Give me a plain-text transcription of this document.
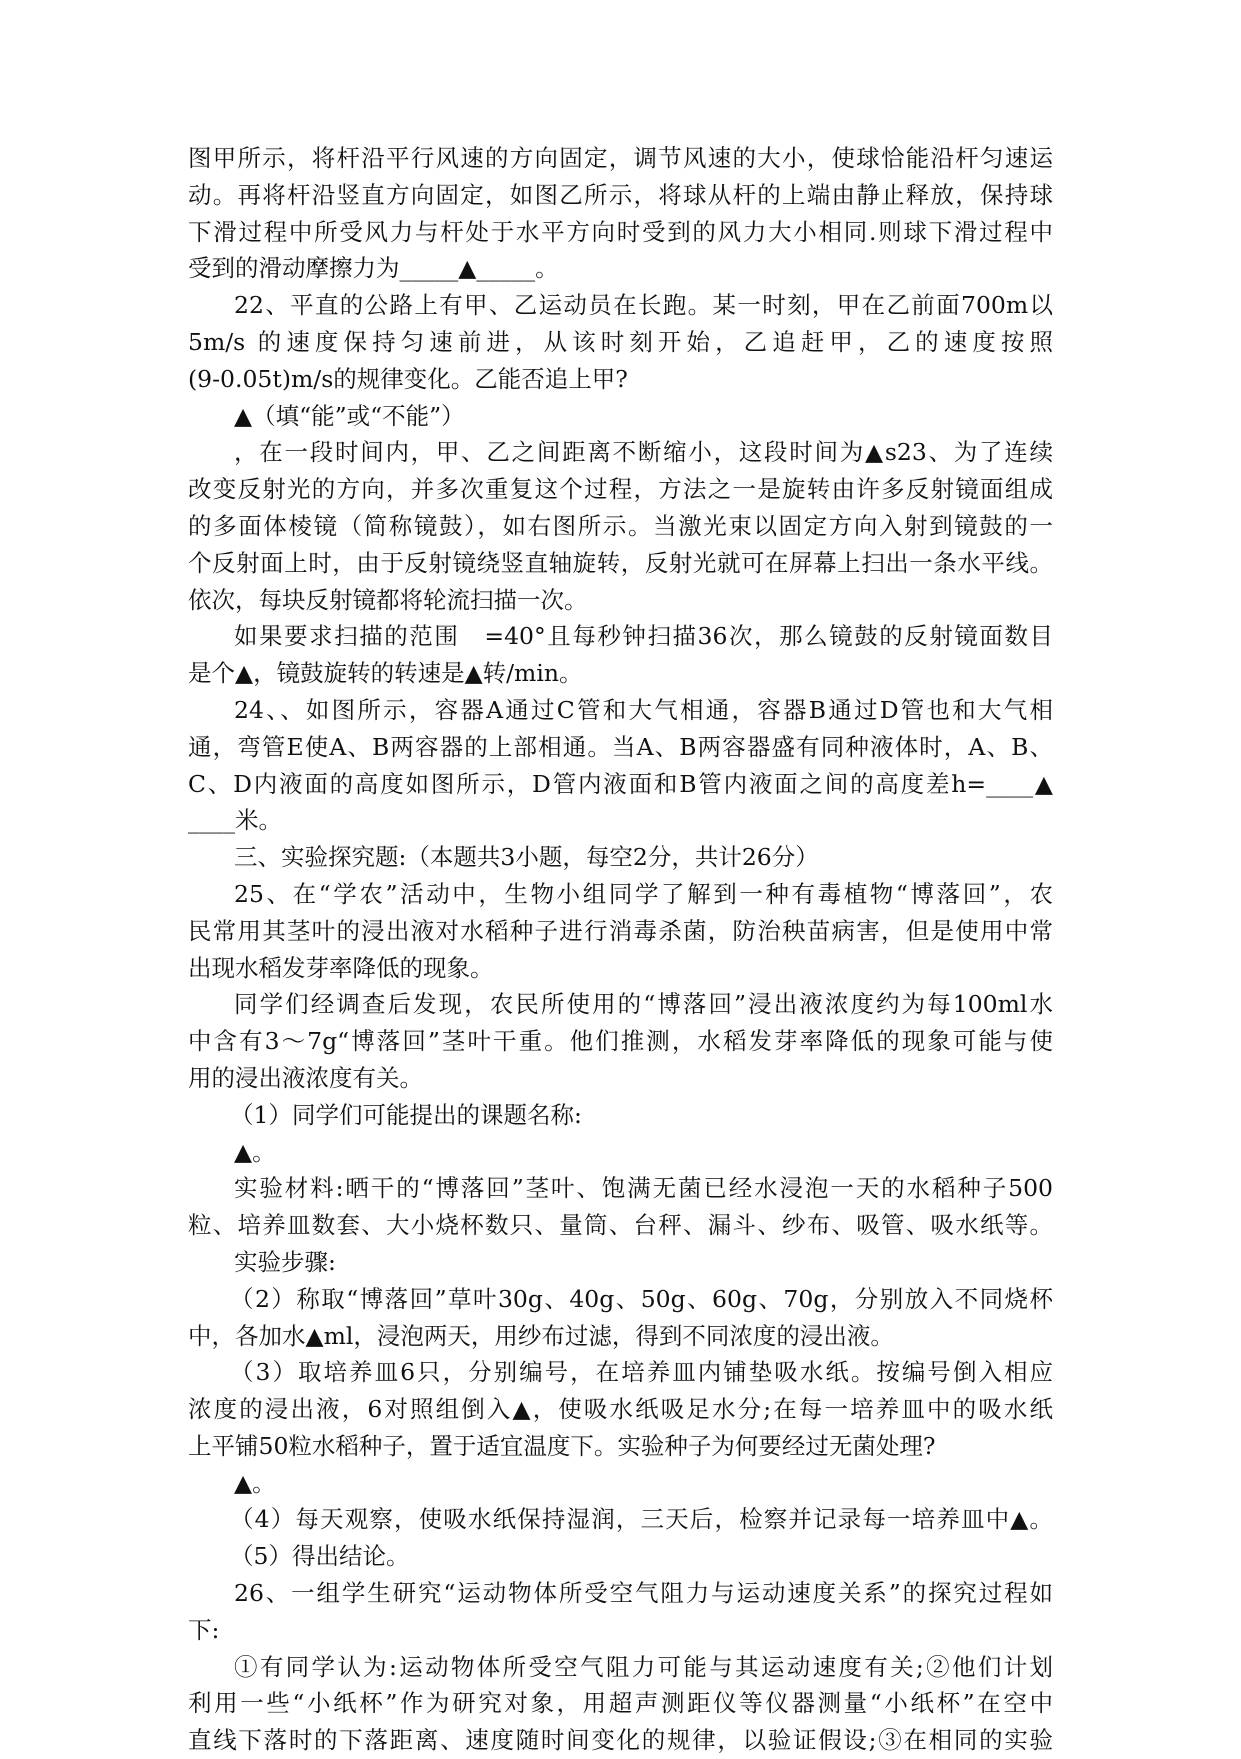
图甲所示，将杆沿平行风速的方向固定，调节风速的大小，使球恰能沿杆匀速运
动。再将杆沿竖直方向固定，如图乙所示，将球从杆的上端由静止释放，保持球
下滑过程中所受风力与杆处于水平方向时受到的风力大小相同.则球下滑过程中
受到的滑动摩擦力为_____▲_____。
22、平直的公路上有甲、乙运动员在长跑。某一时刻，甲在乙前面700m以
5m/s 的速度保持匀速前进，从该时刻开始，乙追赶甲，乙的速度按照
(9-0.05t)m/s的规律变化。乙能否追上甲?
▲（填“能”或“不能”）
，在一段时间内，甲、乙之间距离不断缩小，这段时间为▲s23、为了连续
改变反射光的方向，并多次重复这个过程，方法之一是旋转由许多反射镜面组成
的多面体棱镜（简称镜鼓），如右图所示。当激光束以固定方向入射到镜鼓的一
个反射面上时，由于反射镜绕竖直轴旋转，反射光就可在屏幕上扫出一条水平线。
依次，每块反射镜都将轮流扫描一次。
如果要求扫描的范围　=40°且每秒钟扫描36次，那么镜鼓的反射镜面数目
是个▲，镜鼓旋转的转速是▲转/min。
24、、如图所示，容器A通过C管和大气相通，容器B通过D管也和大气相
通，弯管E使A、B两容器的上部相通。当A、B两容器盛有同种液体时，A、B、
C、D内液面的高度如图所示，D管内液面和B管内液面之间的高度差h=____▲
____米。
三、实验探究题:（本题共3小题，每空2分，共计26分）
25、在“学农”活动中，生物小组同学了解到一种有毒植物“博落回”，农
民常用其茎叶的浸出液对水稻种子进行消毒杀菌，防治秧苗病害，但是使用中常
出现水稻发芽率降低的现象。
同学们经调查后发现，农民所使用的“博落回”浸出液浓度约为每100ml水
中含有3～7g“博落回”茎叶干重。他们推测，水稻发芽率降低的现象可能与使
用的浸出液浓度有关。
（1）同学们可能提出的课题名称:
▲。
实验材料:晒干的“博落回”茎叶、饱满无菌已经水浸泡一天的水稻种子500
粒、培养皿数套、大小烧杯数只、量筒、台秤、漏斗、纱布、吸管、吸水纸等。
实验步骤:
（2）称取“博落回”草叶30g、40g、50g、60g、70g，分别放入不同烧杯
中，各加水▲ml，浸泡两天，用纱布过滤，得到不同浓度的浸出液。
（3）取培养皿6只，分别编号，在培养皿内铺垫吸水纸。按编号倒入相应
浓度的浸出液，6对照组倒入▲，使吸水纸吸足水分;在每一培养皿中的吸水纸
上平铺50粒水稻种子，置于适宜温度下。实验种子为何要经过无菌处理?
▲。
（4）每天观察，使吸水纸保持湿润，三天后，检察并记录每一培养皿中▲。
（5）得出结论。
26、一组学生研究“运动物体所受空气阻力与运动速度关系”的探究过程如
下:
①有同学认为:运动物体所受空气阻力可能与其运动速度有关;②他们计划
利用一些“小纸杯”作为研究对象，用超声测距仪等仪器测量“小纸杯”在空中
直线下落时的下落距离、速度随时间变化的规律，以验证假设;③在相同的实验
